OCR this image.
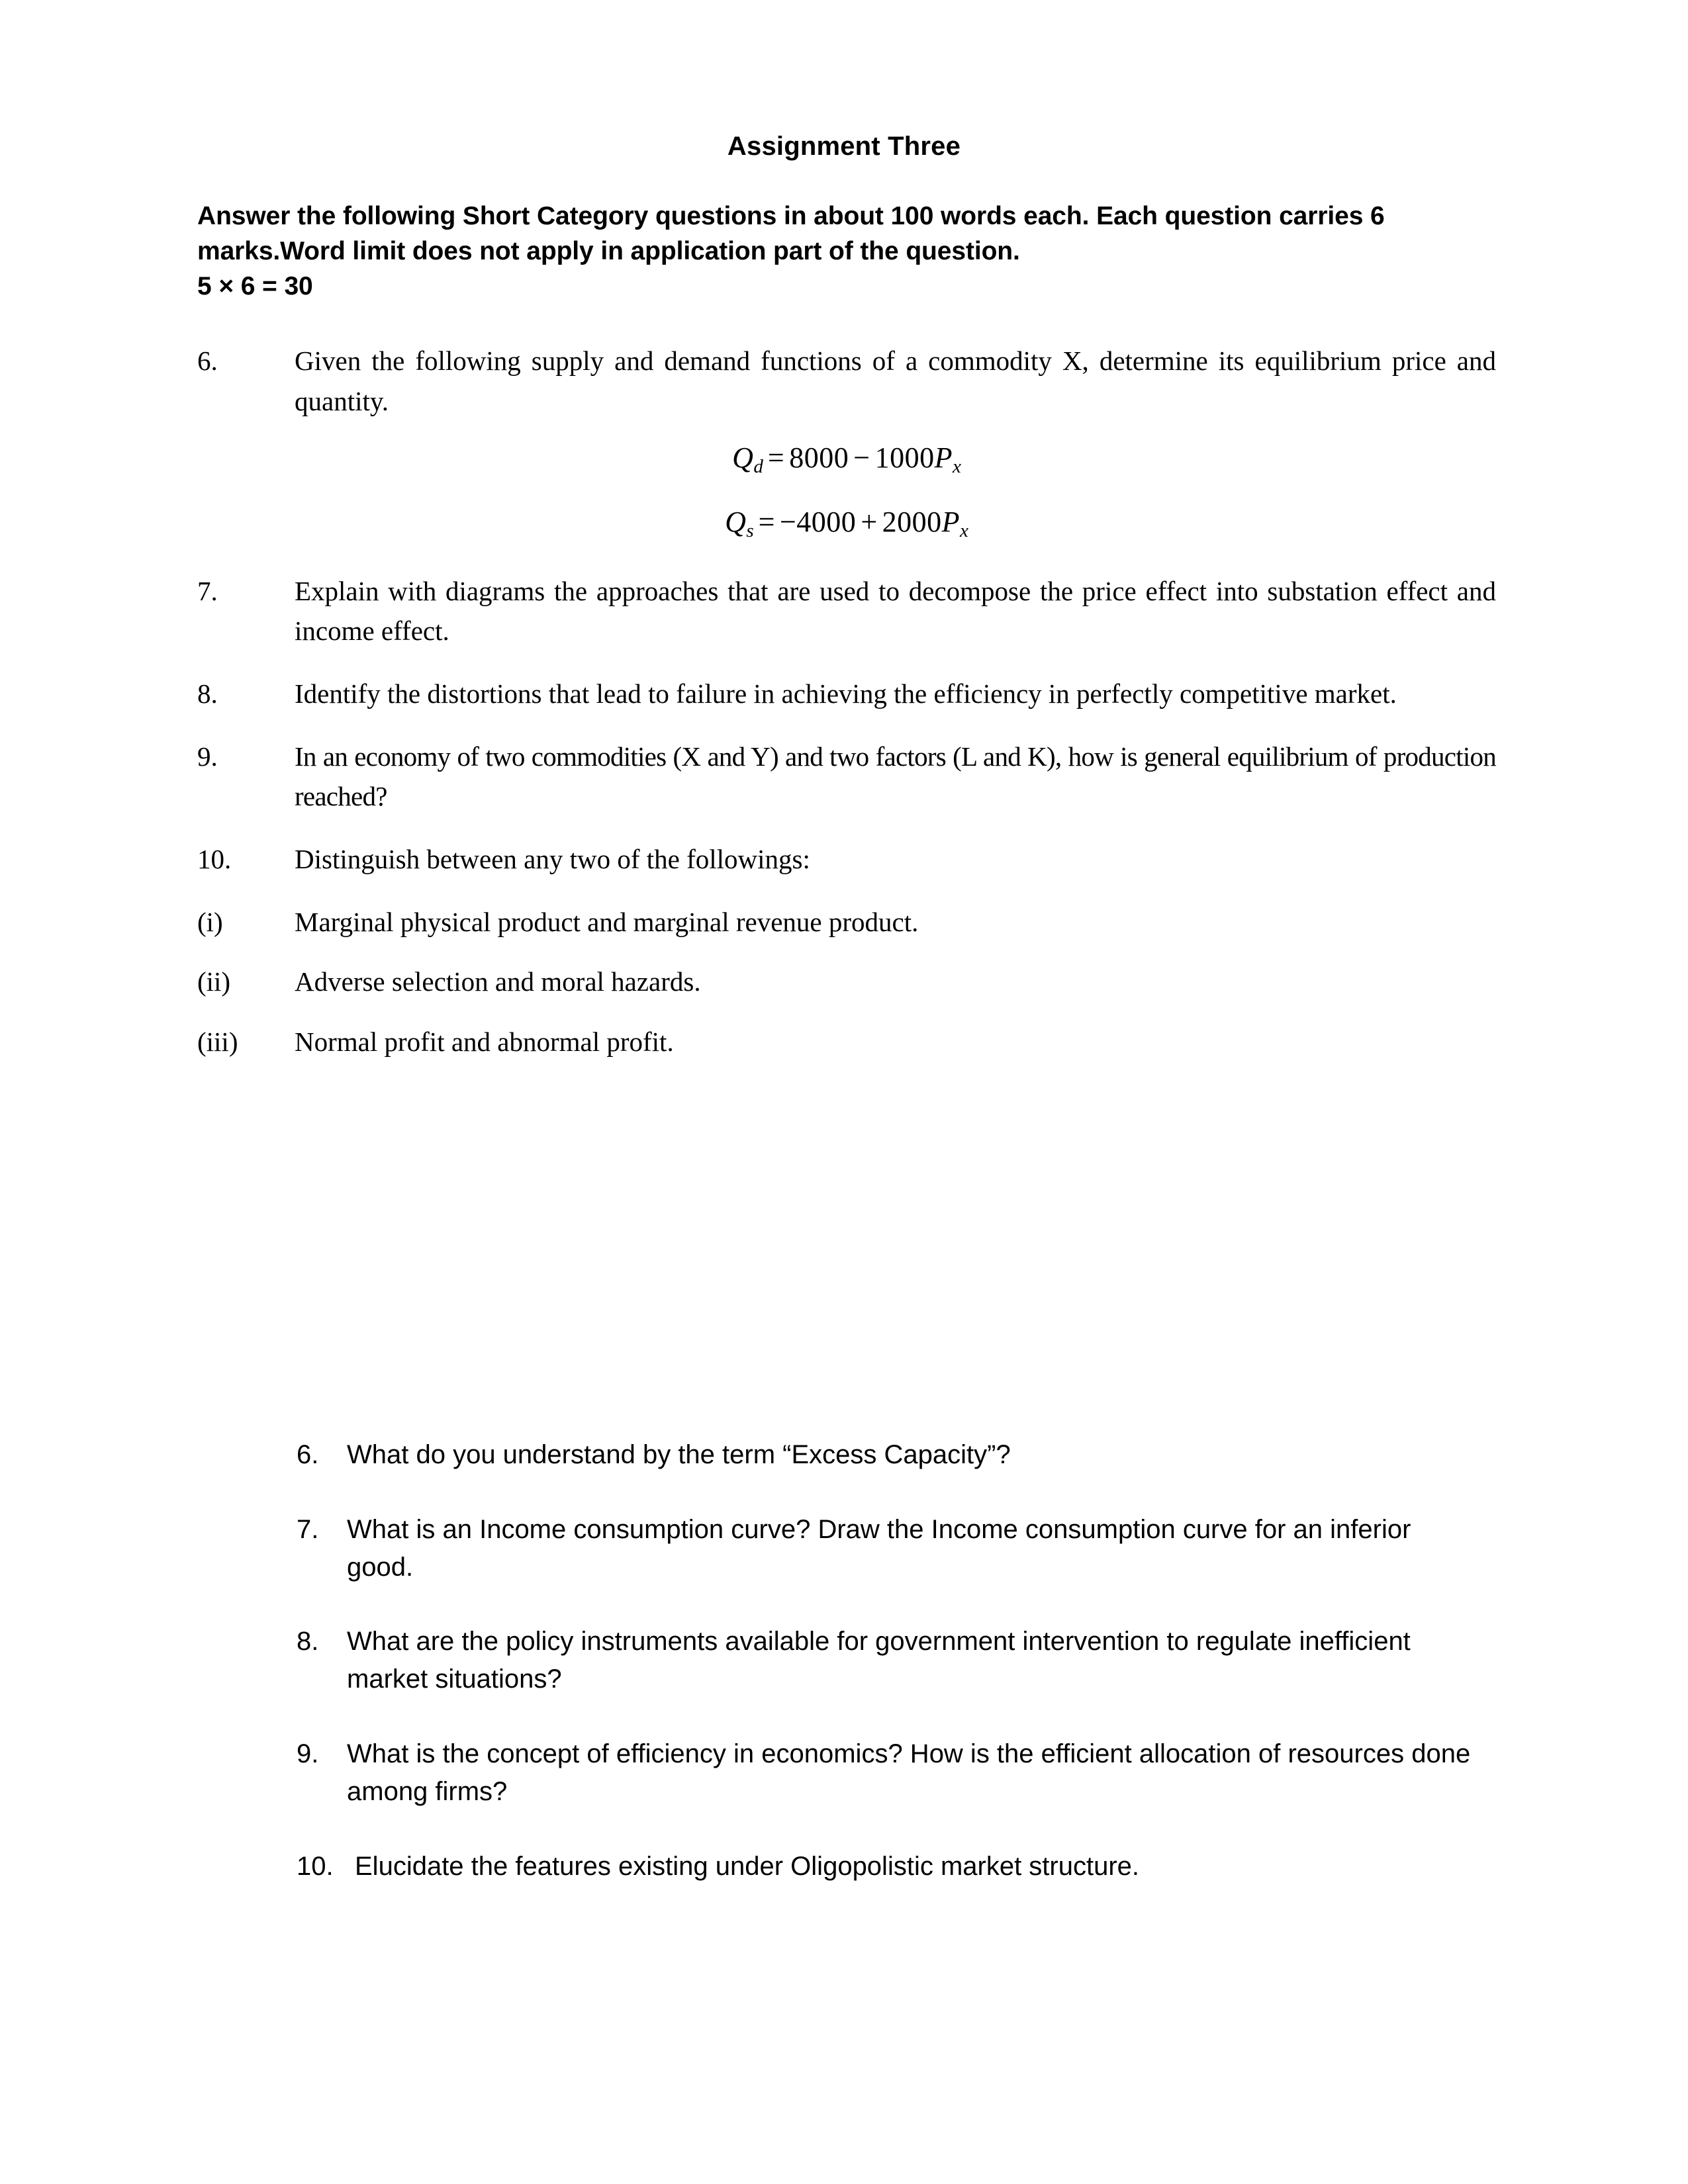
Assignment Three
Answer the following Short Category questions in about 100 words each. Each question carries 6 marks.Word limit does not apply in application part of the question.
5 × 6 = 30
6.	Given the following supply and demand functions of a commodity X, determine its equilibrium price and quantity.
$Q_d = 8000 - 1000P_x$
$Q_s = -4000 + 2000P_x$
7.	Explain with diagrams the approaches that are used to decompose the price effect into substation effect and income effect.
8.	Identify the distortions that lead to failure in achieving the efficiency in perfectly competitive market.
9.	In an economy of two commodities (X and Y) and two factors (L and K), how is general equilibrium of production reached?
10.	Distinguish between any two of the followings:
(i)	Marginal physical product and marginal revenue product.
(ii)	Adverse selection and moral hazards.
(iii)	Normal profit and abnormal profit.
6.	What do you understand by the term “Excess Capacity”?
7.	What is an Income consumption curve? Draw the Income consumption curve for an inferior good.
8.	What are the policy instruments available for government intervention to regulate inefficient market situations?
9.	What is the concept of efficiency in economics? How is the efficient allocation of resources done among firms?
10. Elucidate the features existing under Oligopolistic market structure.
